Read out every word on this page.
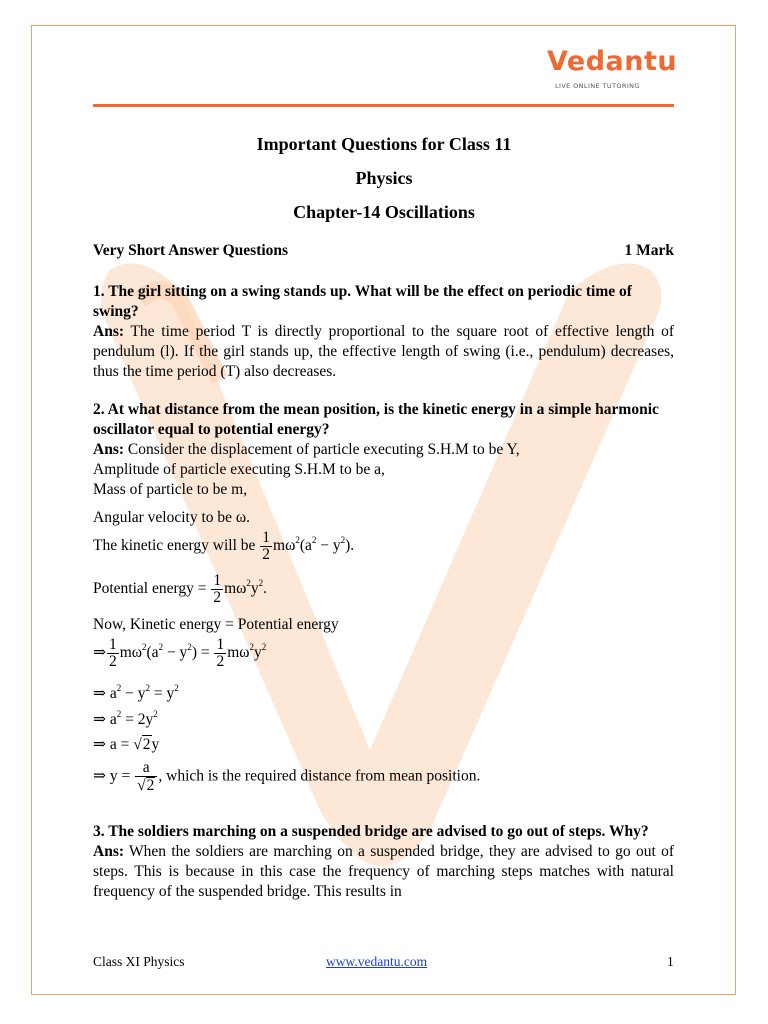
Vedantu
LIVE ONLINE TUTORING
Important Questions for Class 11
Physics
Chapter-14 Oscillations
Very Short Answer Questions	1 Mark
1. The girl sitting on a swing stands up. What will be the effect on periodic time of swing?
Ans: The time period T is directly proportional to the square root of effective length of pendulum (l). If the girl stands up, the effective length of swing (i.e., pendulum) decreases, thus the time period (T) also decreases.
2. At what distance from the mean position, is the kinetic energy in a simple harmonic oscillator equal to potential energy?
Ans: Consider the displacement of particle executing S.H.M to be Y,
Amplitude of particle executing S.H.M to be a,
Mass of particle to be m,
Angular velocity to be ω.
The kinetic energy will be $\frac{1}{2} m\omega^2(a^2 - y^2)$.
Potential energy = $\frac{1}{2} m\omega^2y^2$.
Now, Kinetic energy = Potential energy
⇒ $\frac{1}{2} m\omega^2(a^2 - y^2) = \frac{1}{2} m\omega^2y^2$
⇒ $a^2 - y^2 = y^2$
⇒ $a^2 = 2y^2$
⇒ a = √2y
⇒ $y = \frac{a}{√2}$ , which is the required distance from mean position.
3. The soldiers marching on a suspended bridge are advised to go out of steps. Why?
Ans: When the soldiers are marching on a suspended bridge, they are advised to go out of steps. This is because in this case the frequency of marching steps matches with natural frequency of the suspended bridge. This results in
Class XI Physics	www.vedantu.com	1
